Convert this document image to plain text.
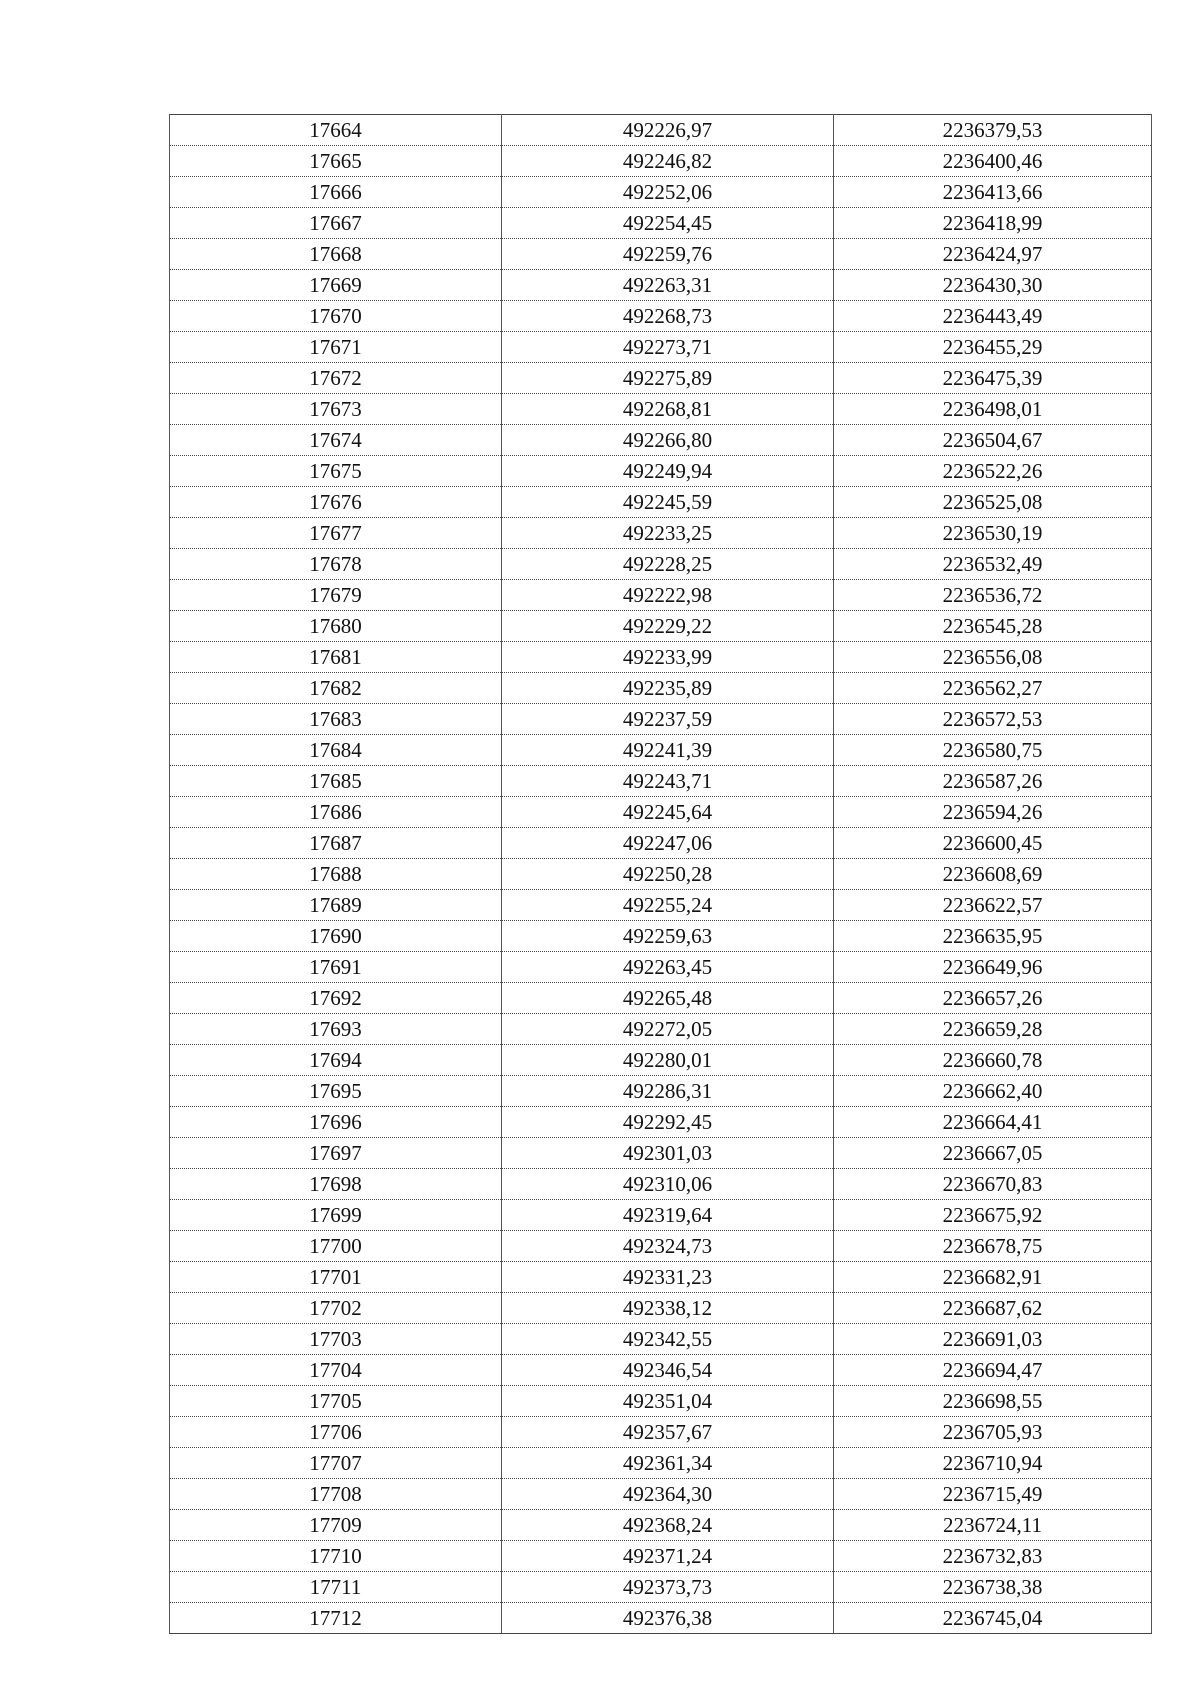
17664	492226,97	2236379,53
17665	492246,82	2236400,46
17666	492252,06	2236413,66
17667	492254,45	2236418,99
17668	492259,76	2236424,97
17669	492263,31	2236430,30
17670	492268,73	2236443,49
17671	492273,71	2236455,29
17672	492275,89	2236475,39
17673	492268,81	2236498,01
17674	492266,80	2236504,67
17675	492249,94	2236522,26
17676	492245,59	2236525,08
17677	492233,25	2236530,19
17678	492228,25	2236532,49
17679	492222,98	2236536,72
17680	492229,22	2236545,28
17681	492233,99	2236556,08
17682	492235,89	2236562,27
17683	492237,59	2236572,53
17684	492241,39	2236580,75
17685	492243,71	2236587,26
17686	492245,64	2236594,26
17687	492247,06	2236600,45
17688	492250,28	2236608,69
17689	492255,24	2236622,57
17690	492259,63	2236635,95
17691	492263,45	2236649,96
17692	492265,48	2236657,26
17693	492272,05	2236659,28
17694	492280,01	2236660,78
17695	492286,31	2236662,40
17696	492292,45	2236664,41
17697	492301,03	2236667,05
17698	492310,06	2236670,83
17699	492319,64	2236675,92
17700	492324,73	2236678,75
17701	492331,23	2236682,91
17702	492338,12	2236687,62
17703	492342,55	2236691,03
17704	492346,54	2236694,47
17705	492351,04	2236698,55
17706	492357,67	2236705,93
17707	492361,34	2236710,94
17708	492364,30	2236715,49
17709	492368,24	2236724,11
17710	492371,24	2236732,83
17711	492373,73	2236738,38
17712	492376,38	2236745,04
